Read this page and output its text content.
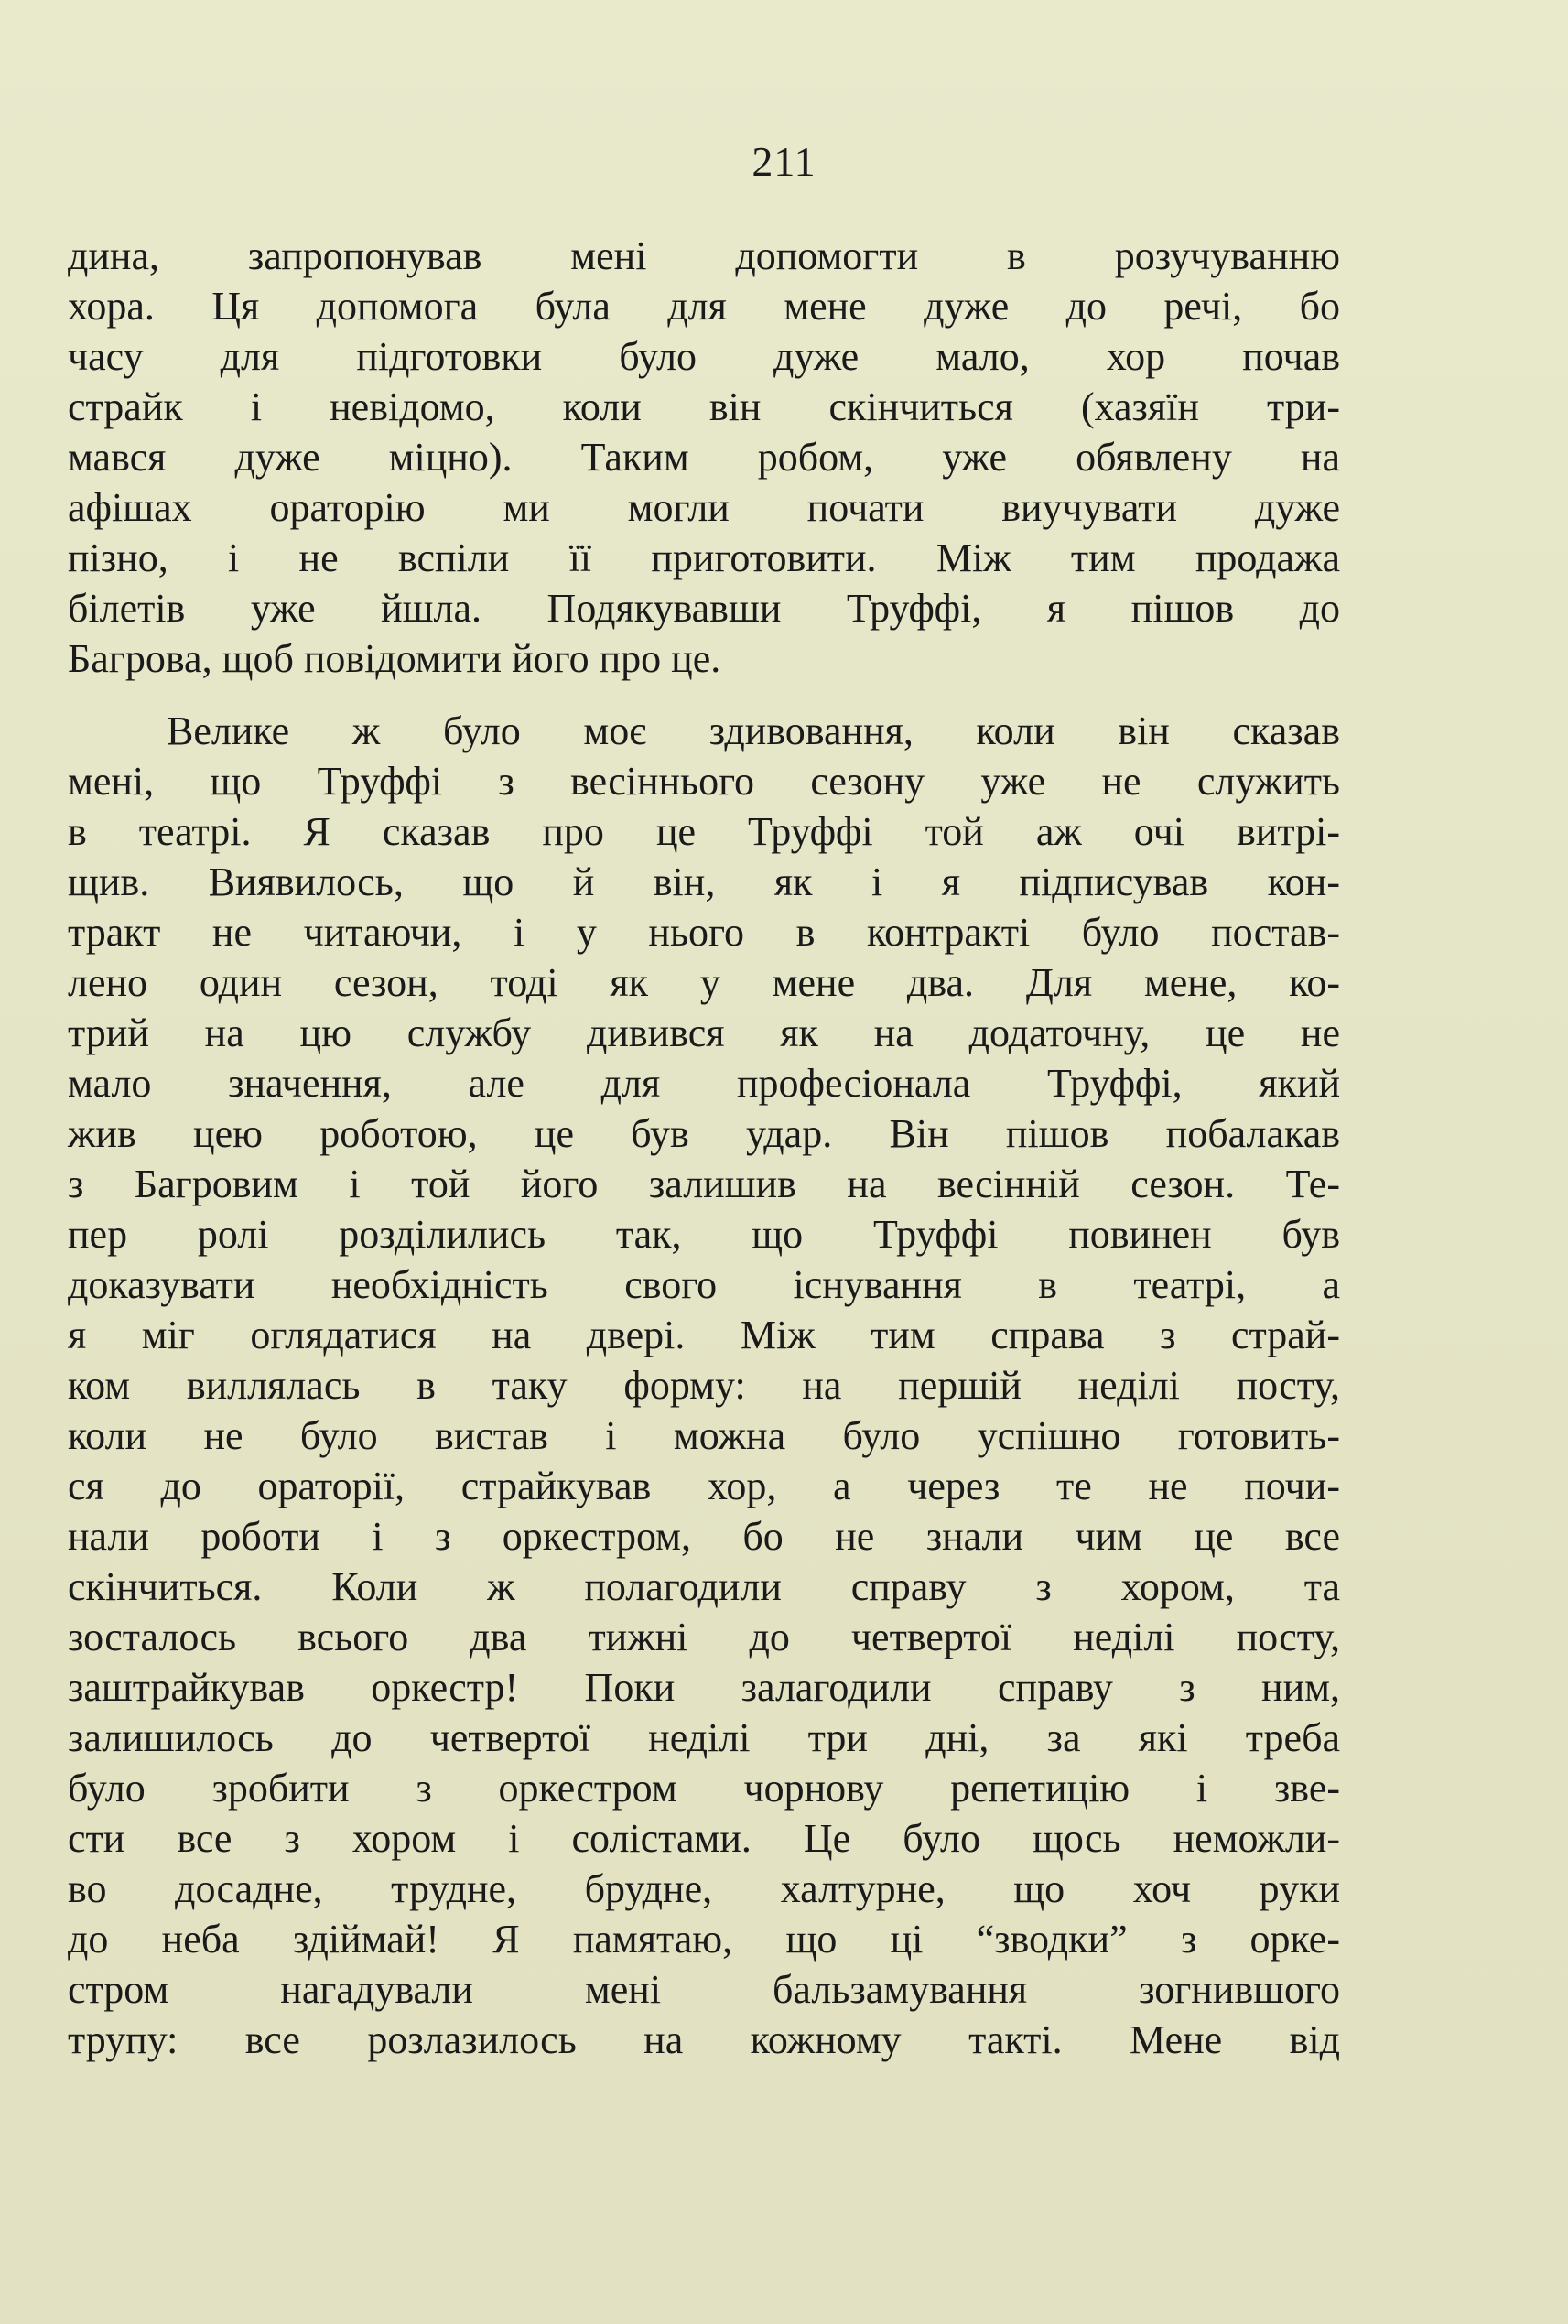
211
дина, запропонував мені допомогти в розучуванню
хора. Ця допомога була для мене дуже до речі, бо
часу для підготовки було дуже мало, хор почав
страйк і невідомо, коли він скінчиться (хазяїн три-
мався дуже міцно). Таким робом, уже обявлену на
афішах ораторію ми могли почати виучувати дуже
пізно, і не вспіли її приготовити. Між тим продажа
білетів уже йшла. Подякувавши Труффі, я пішов до
Багрова, щоб повідомити його про це.
Велике ж було моє здивовання, коли він сказав
мені, що Труффі з весіннього сезону уже не служить
в театрі. Я сказав про це Труффі той аж очі витрі-
щив. Виявилось, що й він, як і я підписував кон-
тракт не читаючи, і у нього в контракті було постав-
лено один сезон, тоді як у мене два. Для мене, ко-
трий на цю службу дивився як на додаточну, це не
мало значення, але для професіонала Труффі, який
жив цею роботою, це був удар. Він пішов побалакав
з Багровим і той його залишив на весінній сезон. Те-
пер ролі розділились так, що Труффі повинен був
доказувати необхідність свого існування в театрі, а
я міг оглядатися на двері. Між тим справа з страй-
ком виллялась в таку форму: на першій неділі посту,
коли не було вистав і можна було успішно готовить-
ся до ораторії, страйкував хор, а через те не почи-
нали роботи і з оркестром, бо не знали чим це все
скінчиться. Коли ж полагодили справу з хором, та
зосталось всього два тижні до четвертої неділі посту,
заштрайкував оркестр! Поки залагодили справу з ним,
залишилось до четвертої неділі три дні, за які треба
було зробити з оркестром чорнову репетицію і зве-
сти все з хором і солістами. Це було щось неможли-
во досадне, трудне, брудне, халтурне, що хоч руки
до неба здіймай! Я памятаю, що ці “зводки” з орке-
стром нагадували мені бальзамування зогнившого
трупу: все розлазилось на кожному такті. Мене від
